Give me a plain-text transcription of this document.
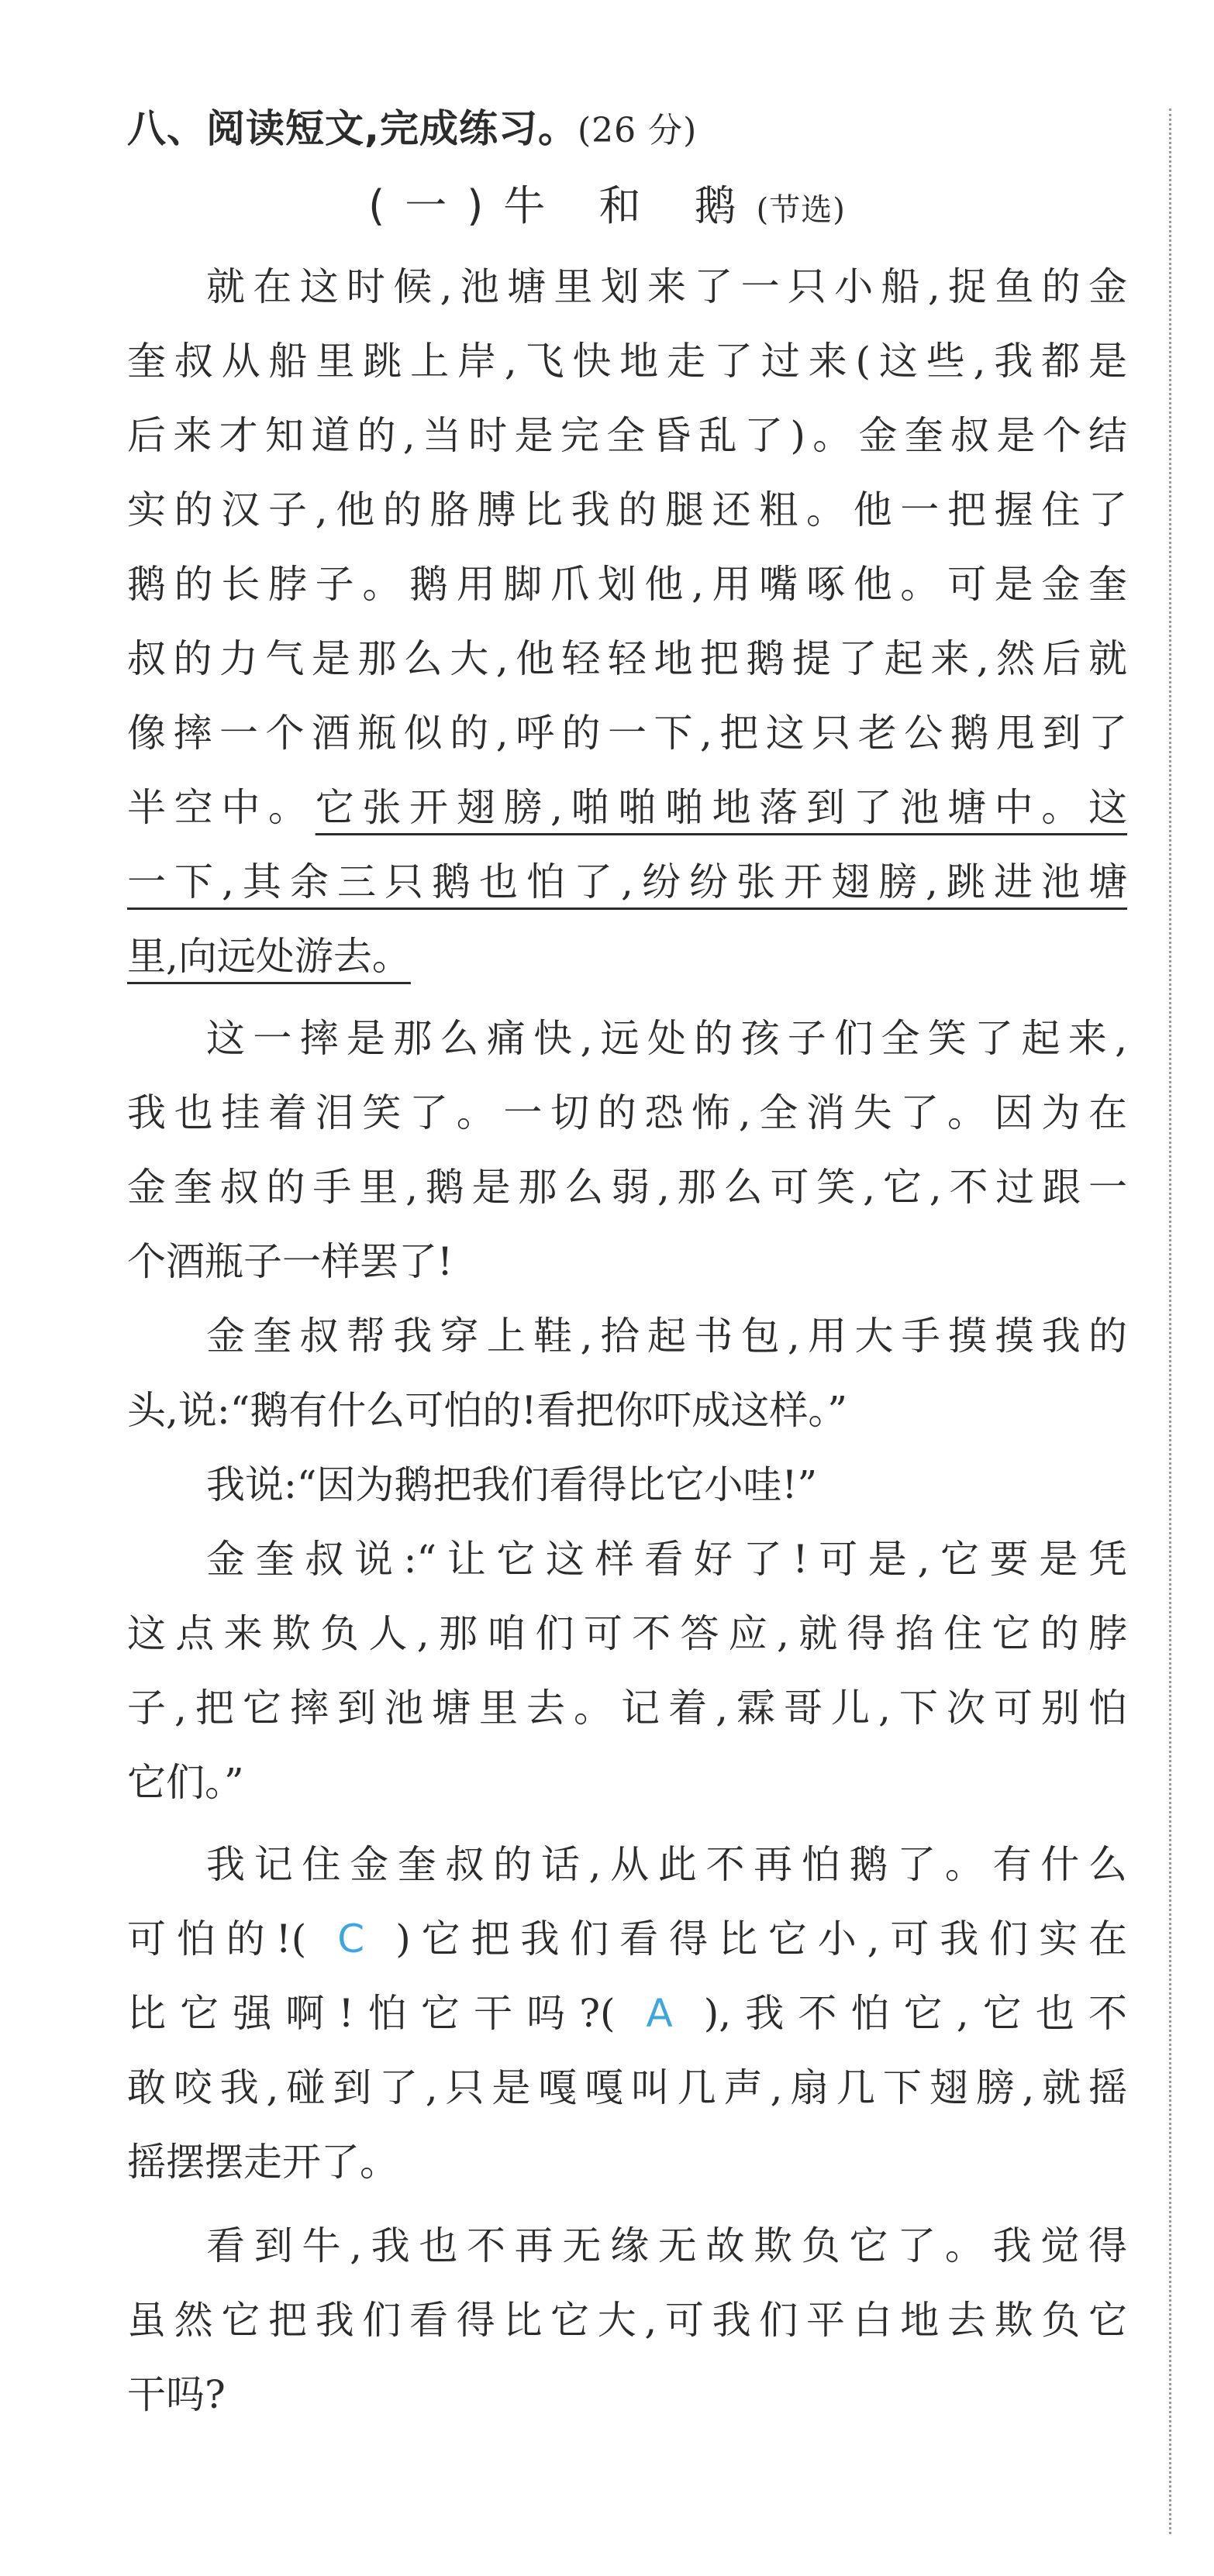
八、阅读短文,完成练习。(26 分)
(一)牛 和 鹅(节选)
就在这时候,池塘里划来了一只小船,捉鱼的金
奎叔从船里跳上岸,飞快地走了过来(这些,我都是
后来才知道的,当时是完全昏乱了)。金奎叔是个结
实的汉子,他的胳膊比我的腿还粗。他一把握住了
鹅的长脖子。鹅用脚爪划他,用嘴啄他。可是金奎
叔的力气是那么大,他轻轻地把鹅提了起来,然后就
像摔一个酒瓶似的,呼的一下,把这只老公鹅甩到了
半空中。它张开翅膀,啪啪啪地落到了池塘中。这
一下,其余三只鹅也怕了,纷纷张开翅膀,跳进池塘
里,向远处游去。
这一摔是那么痛快,远处的孩子们全笑了起来,
我也挂着泪笑了。一切的恐怖,全消失了。因为在
金奎叔的手里,鹅是那么弱,那么可笑,它,不过跟一
个酒瓶子一样罢了!
金奎叔帮我穿上鞋,拾起书包,用大手摸摸我的
头,说:“鹅有什么可怕的!看把你吓成这样。”
我说:“因为鹅把我们看得比它小哇!”
金奎叔说:“让它这样看好了!可是,它要是凭
这点来欺负人,那咱们可不答应,就得掐住它的脖
子,把它摔到池塘里去。记着,霖哥儿,下次可别怕
它们。”
我记住金奎叔的话,从此不再怕鹅了。有什么
可怕的!( C )它把我们看得比它小,可我们实在
比它强啊!怕它干吗?( A ),我不怕它,它也不
敢咬我,碰到了,只是嘎嘎叫几声,扇几下翅膀,就摇
摇摆摆走开了。
看到牛,我也不再无缘无故欺负它了。我觉得
虽然它把我们看得比它大,可我们平白地去欺负它
干吗?
